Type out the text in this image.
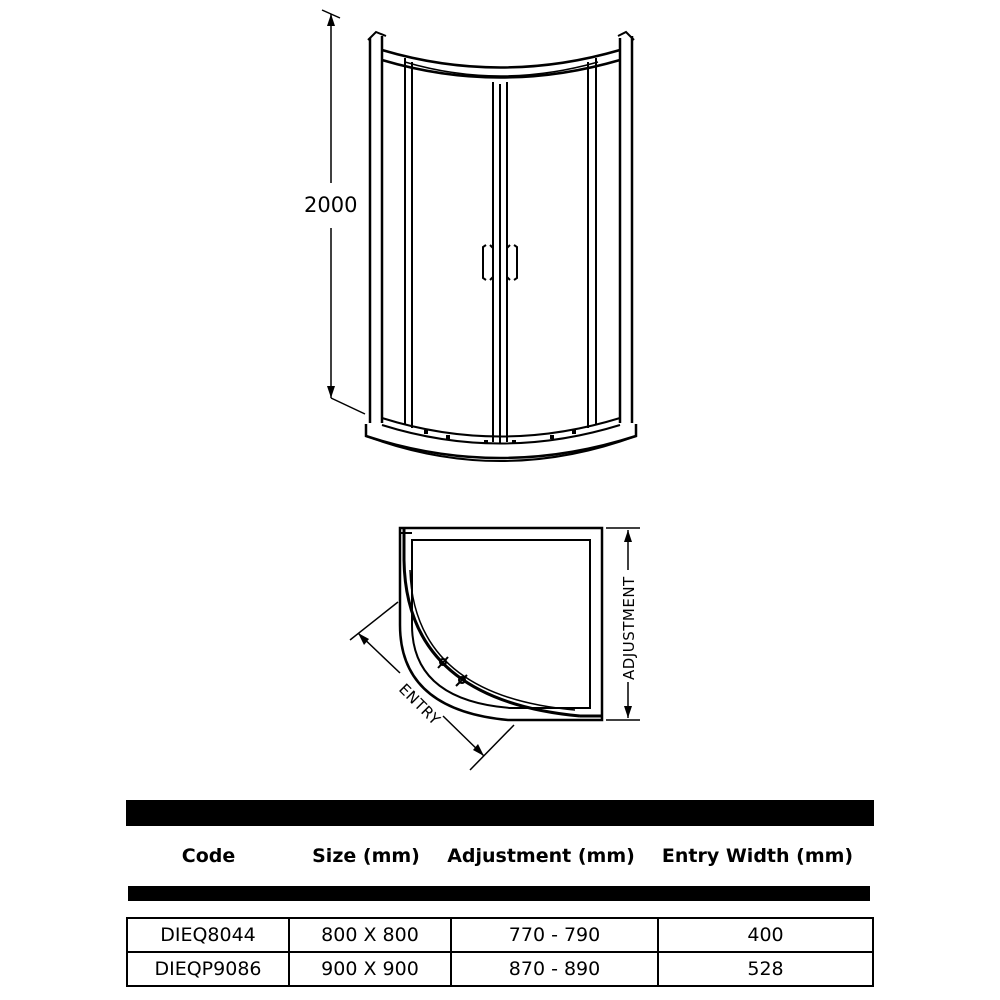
2000
ENTRY
ADJUSTMENT
Code	Size (mm)	Adjustment (mm)	Entry Width (mm)
DIEQ8044	800 X 800	770 - 790	400
DIEQP9086	900 X 900	870 - 890	528
